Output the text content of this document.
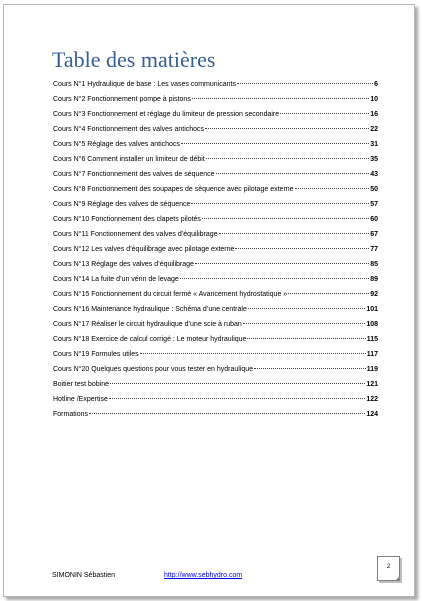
Table des matières
Cours N°1 Hydraulique de base : Les vases communicants	6
Cours N°2 Fonctionnement pompe à pistons	10
Cours N°3 Fonctionnement et réglage du limiteur de pression secondaire	16
Cours N°4 Fonctionnement des valves antichocs	22
Cours N°5 Réglage des valves antichocs	31
Cours N°6 Comment installer un limiteur de débit	35
Cours N°7 Fonctionnement des valves de séquence	43
Cours N°8 Fonctionnement des soupapes de séquence avec pilotage externe	50
Cours N°9 Réglage des valves de séquence	57
Cours N°10 Fonctionnement des clapets pilotés	60
Cours N°11 Fonctionnement des valves d’équilibrage	67
Cours N°12 Les valves d’équilibrage avec pilotage externe	77
Cours N°13 Réglage des valves d’équilibrage	85
Cours N°14 La fuite d’un vérin de levage	89
Cours N°15 Fonctionnement du circuit fermé « Avancement hydrostatique »	92
Cours N°16 Maintenance hydraulique : Schéma d’une centrale	101
Cours N°17 Réaliser le circuit hydraulique d’une scie à ruban	108
Cours N°18 Exercice de calcul corrigé : Le moteur hydraulique	115
Cours N°19 Formules utiles	117
Cours N°20 Quelques questions pour vous tester en hydraulique	119
Boitier test bobine	121
Hotline /Expertise	122
Formations	124
SIMONIN Sébastien	http://www.sebhydro.com
2
